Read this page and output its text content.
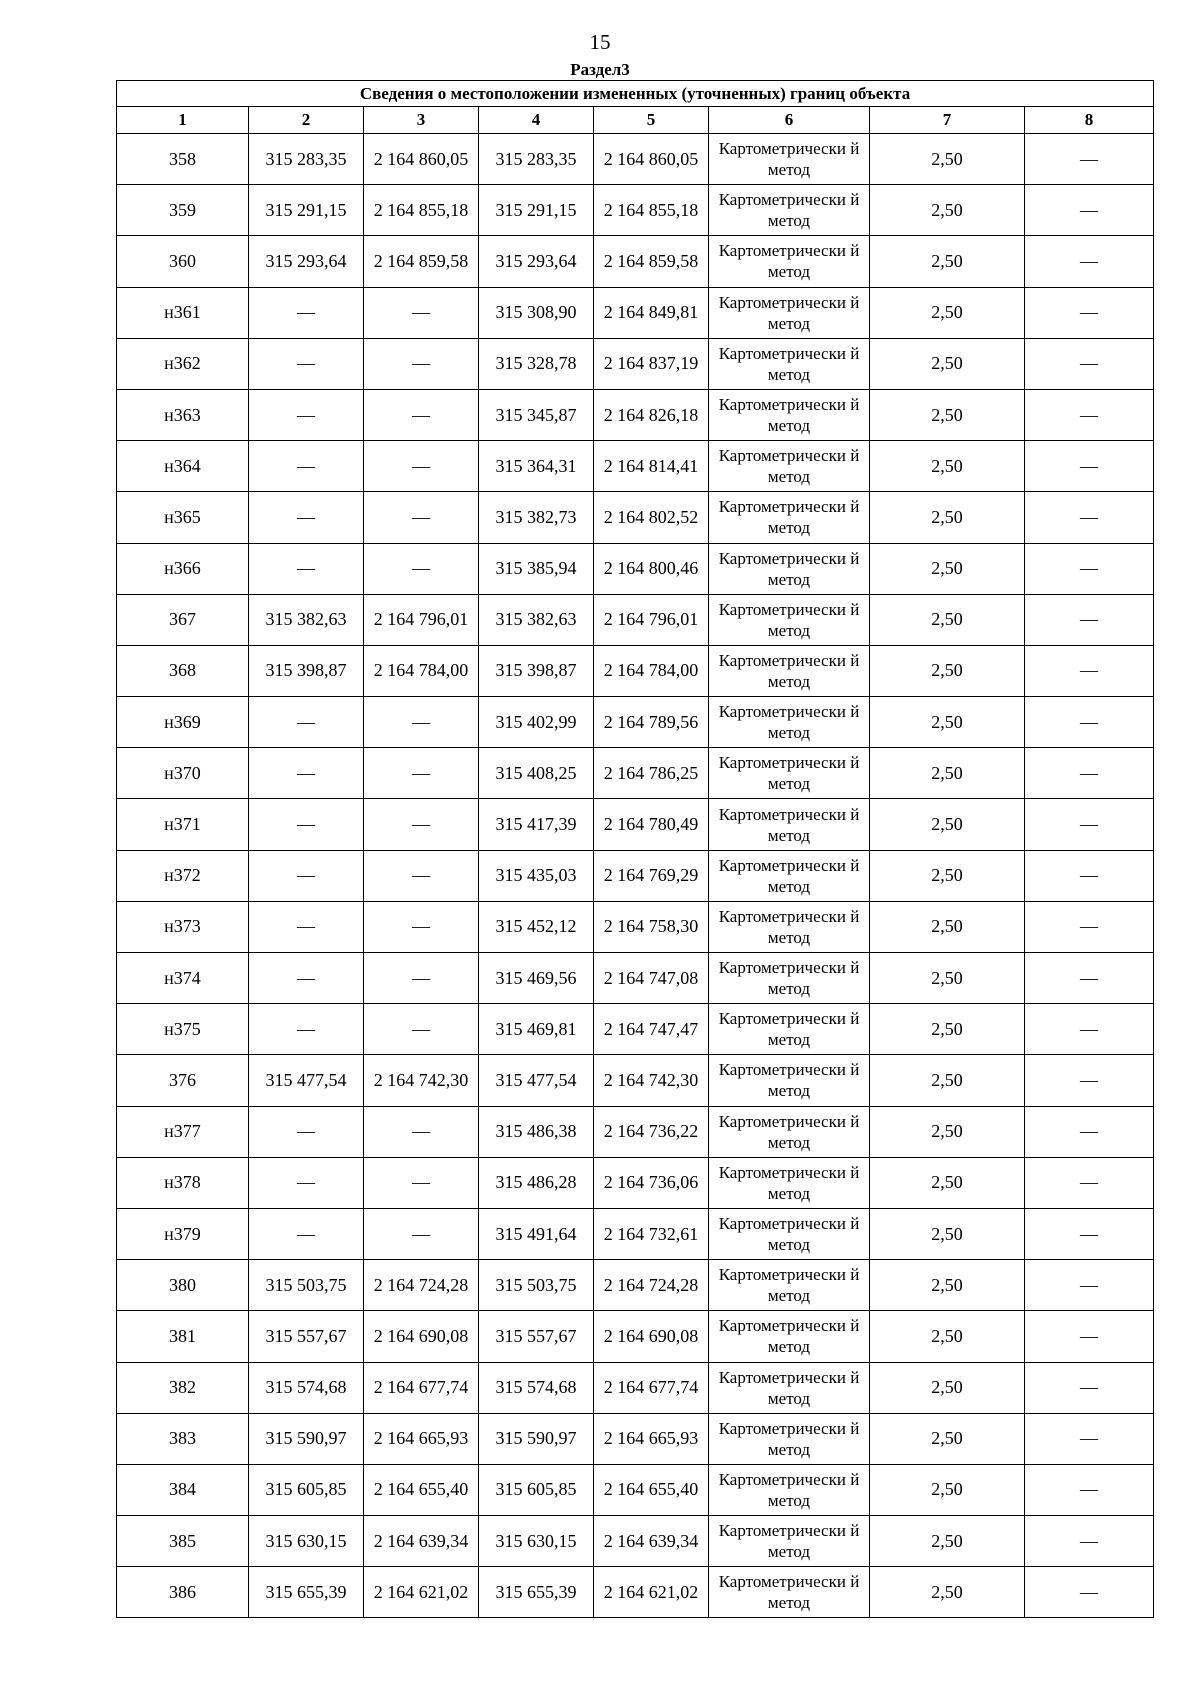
15
Раздел3
Сведения о местоположении измененных (уточненных) границ объекта							
1	2	3	4	5	6	7	8
358	315 283,35	2 164 860,05	315 283,35	2 164 860,05	Картометрически й метод	2,50	—
359	315 291,15	2 164 855,18	315 291,15	2 164 855,18	Картометрически й метод	2,50	—
360	315 293,64	2 164 859,58	315 293,64	2 164 859,58	Картометрически й метод	2,50	—
н361	—	—	315 308,90	2 164 849,81	Картометрически й метод	2,50	—
н362	—	—	315 328,78	2 164 837,19	Картометрически й метод	2,50	—
н363	—	—	315 345,87	2 164 826,18	Картометрически й метод	2,50	—
н364	—	—	315 364,31	2 164 814,41	Картометрически й метод	2,50	—
н365	—	—	315 382,73	2 164 802,52	Картометрически й метод	2,50	—
н366	—	—	315 385,94	2 164 800,46	Картометрически й метод	2,50	—
367	315 382,63	2 164 796,01	315 382,63	2 164 796,01	Картометрически й метод	2,50	—
368	315 398,87	2 164 784,00	315 398,87	2 164 784,00	Картометрически й метод	2,50	—
н369	—	—	315 402,99	2 164 789,56	Картометрически й метод	2,50	—
н370	—	—	315 408,25	2 164 786,25	Картометрически й метод	2,50	—
н371	—	—	315 417,39	2 164 780,49	Картометрически й метод	2,50	—
н372	—	—	315 435,03	2 164 769,29	Картометрически й метод	2,50	—
н373	—	—	315 452,12	2 164 758,30	Картометрически й метод	2,50	—
н374	—	—	315 469,56	2 164 747,08	Картометрически й метод	2,50	—
н375	—	—	315 469,81	2 164 747,47	Картометрически й метод	2,50	—
376	315 477,54	2 164 742,30	315 477,54	2 164 742,30	Картометрически й метод	2,50	—
н377	—	—	315 486,38	2 164 736,22	Картометрически й метод	2,50	—
н378	—	—	315 486,28	2 164 736,06	Картометрически й метод	2,50	—
н379	—	—	315 491,64	2 164 732,61	Картометрически й метод	2,50	—
380	315 503,75	2 164 724,28	315 503,75	2 164 724,28	Картометрически й метод	2,50	—
381	315 557,67	2 164 690,08	315 557,67	2 164 690,08	Картометрически й метод	2,50	—
382	315 574,68	2 164 677,74	315 574,68	2 164 677,74	Картометрически й метод	2,50	—
383	315 590,97	2 164 665,93	315 590,97	2 164 665,93	Картометрически й метод	2,50	—
384	315 605,85	2 164 655,40	315 605,85	2 164 655,40	Картометрически й метод	2,50	—
385	315 630,15	2 164 639,34	315 630,15	2 164 639,34	Картометрически й метод	2,50	—
386	315 655,39	2 164 621,02	315 655,39	2 164 621,02	Картометрически й метод	2,50	—
